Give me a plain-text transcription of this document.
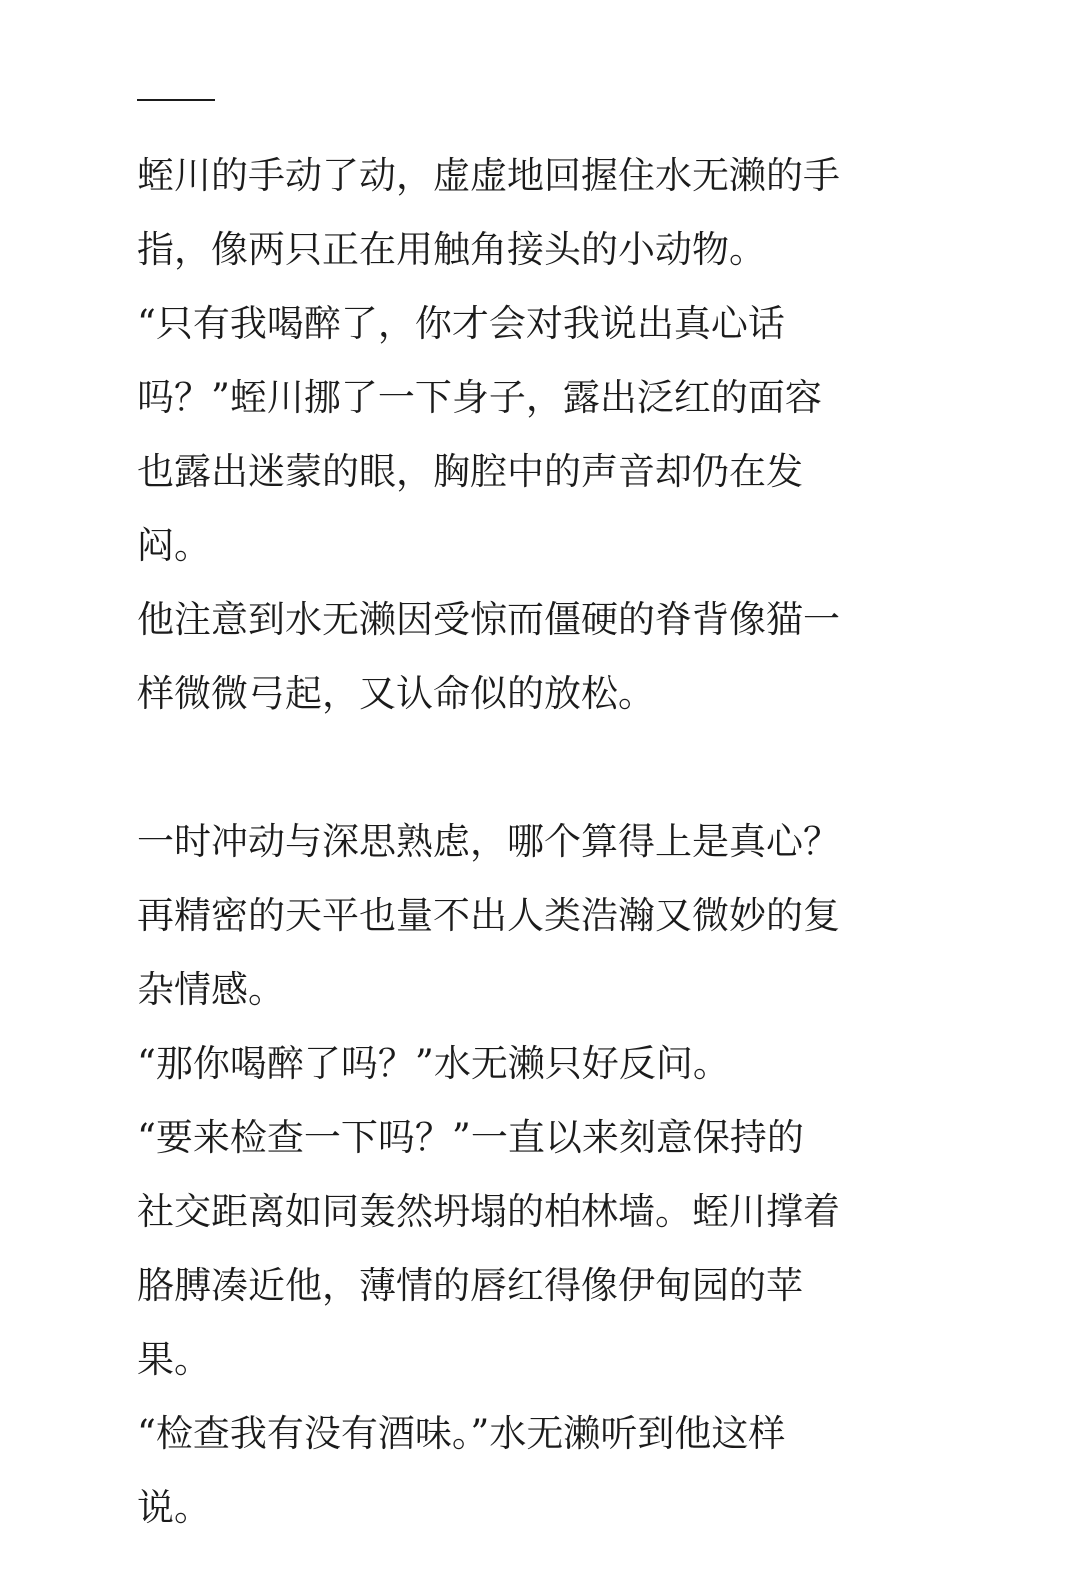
蛭川的手动了动，虚虚地回握住水无濑的手
指，像两只正在用触角接头的小动物。
“只有我喝醉了，你才会对我说出真心话
吗？”蛭川挪了一下身子，露出泛红的面容
也露出迷蒙的眼，胸腔中的声音却仍在发
闷。
他注意到水无濑因受惊而僵硬的脊背像猫一
样微微弓起，又认命似的放松。
一时冲动与深思熟虑，哪个算得上是真心？
再精密的天平也量不出人类浩瀚又微妙的复
杂情感。
“那你喝醉了吗？”水无濑只好反问。
“要来检查一下吗？”一直以来刻意保持的
社交距离如同轰然坍塌的柏林墙。蛭川撑着
胳膊凑近他，薄情的唇红得像伊甸园的苹
果。
“检查我有没有酒味。”水无濑听到他这样
说。
